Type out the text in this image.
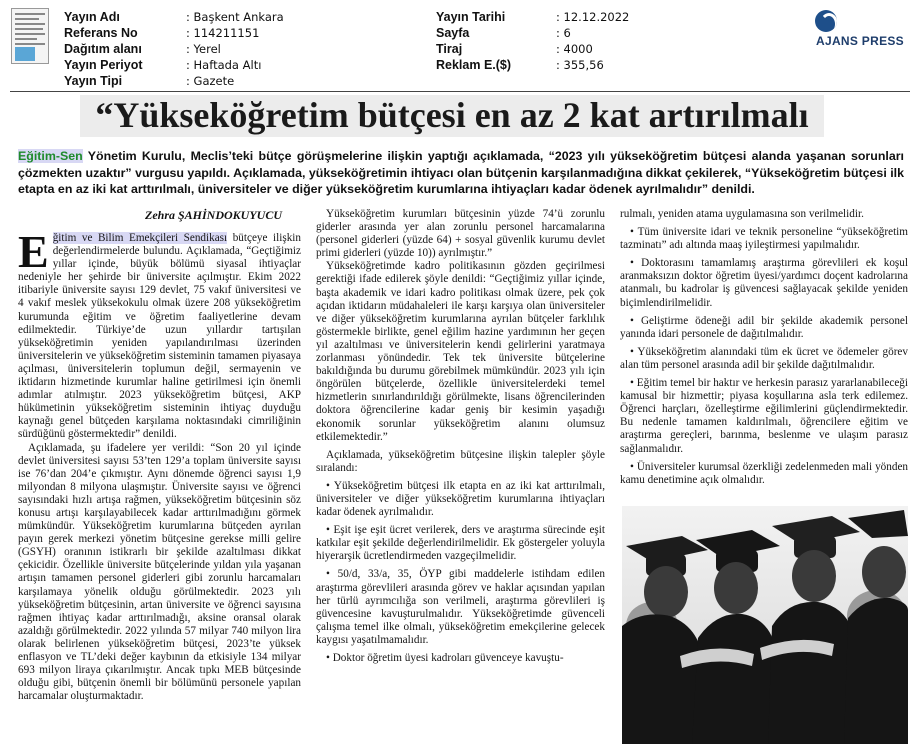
Yayın Adı	: Başkent Ankara
Referans No	: 114211151
Dağıtım alanı	: Yerel
Yayın Periyot	: Haftada Altı
Yayın Tipi	: Gazete
Yayın Tarihi	: 12.12.2022
Sayfa	: 6
Tiraj	: 4000
Reklam E.($)	: 355,56
AJANS PRESS
“Yükseköğretim bütçesi en az 2 kat artırılmalı
Eğitim-Sen Yönetim Kurulu, Meclis’teki bütçe görüşmelerine ilişkin yaptığı açıklamada, “2023 yılı yükseköğretim bütçesi alanda yaşanan sorunları çözmekten uzaktır” vurgusu yapıldı. Açıklamada, yükseköğretimin ihtiyacı olan bütçenin karşılanmadığına dikkat çekilerek, “Yükseköğretim bütçesi ilk etapta en az iki kat arttırılmalı, üniversiteler ve diğer yükseköğretim kurumlarına ihtiyaçları kadar ödenek ayrılmalıdır” denildi.
Zehra ŞAHİNDOKUYUCU
E ğitim ve Bilim Emekçileri Sendikası bütçeye ilişkin değerlendirmelerde bulundu. Açıklamada, “Geçtiğimiz yıllar içinde, büyük bölümü siyasal ihtiyaçlar nedeniyle her şehirde bir üniversite açılmıştır. Ekim 2022 itibariyle üniversite sayısı 129 devlet, 75 vakıf üniversitesi ve 4 vakıf meslek yüksekokulu olmak üzere 208 yükseköğretim kurumunda eğitim ve öğretim faaliyetlerine devam edilmektedir. Türkiye’de uzun yıllardır tartışılan yükseköğretimin yeniden yapılandırılması üzerinden üniversitelerin ve yükseköğretim sisteminin tamamen piyasaya açılması, üniversitelerin toplumun değil, sermayenin ve iktidarın hizmetinde kurumlar haline getirilmesi için önemli adımlar atılmıştır. 2023 yükseköğretim bütçesi, AKP hükümetinin yükseköğretim sisteminin ihtiyaç duyduğu kaynağı genel bütçeden karşılama noktasındaki cimriliğinin sürdüğünü göstermektedir” denildi.

Açıklamada, şu ifadelere yer verildi: “Son 20 yıl içinde devlet üniversitesi sayısı 53’ten 129’a toplam üniversite sayısı ise 76’dan 204’e çıkmıştır. Aynı dönemde öğrenci sayısı 1,9 milyondan 8 milyona ulaşmıştır. Üniversite sayısı ve öğrenci sayısındaki hızlı artışa rağmen, yükseköğretim bütçesinin söz konusu artışı karşılayabilecek kadar arttırılmadığını görmek mümkündür. Yükseköğretim kurumlarına bütçeden ayrılan payın gerek merkezi yönetim bütçesine gerekse milli gelire (GSYH) oranının istikrarlı bir şekilde azaltılması dikkat çekicidir. Özellikle üniversite bütçelerinde yıldan yıla yaşanan artışın tamamen personel giderleri gibi zorunlu harcamaları karşılamaya yönelik olduğu görülmektedir. 2023 yılı yükseköğretim bütçesinin, artan üniversite ve öğrenci sayısına rağmen ihtiyaç kadar arttırılmadığı, aksine oransal olarak azaldığı görülmektedir. 2022 yılında 57 milyar 740 milyon lira olarak belirlenen yükseköğretim bütçesi, 2023’te yüksek enflasyon ve TL’deki değer kaybının da etkisiyle 134 milyar 693 milyon liraya çıkarılmıştır. Ancak tıpkı MEB bütçesinde olduğu gibi, bütçenin önemli bir bölümünü personele yapılan harcamalar oluşturmaktadır.

Yükseköğretim kurumları bütçesinin yüzde 74’ü zorunlu giderler arasında yer alan zorunlu personel harcamalarına (personel giderleri (yüzde 64) + sosyal güvenlik kurumu devlet primi giderleri (yüzde 10)) ayrılmıştır.”

Yükseköğretimde kadro politikasının gözden geçirilmesi gerektiği ifade edilerek şöyle denildi: “Geçtiğimiz yıllar içinde, başta akademik ve idari kadro politikası olmak üzere, pek çok açıdan iktidarın müdahaleleri ile karşı karşıya olan üniversiteler ve diğer yükseköğretim kurumlarına ayrılan bütçeler farklılık göstermekle birlikte, genel eğilim hazine yardımının her geçen yıl azaltılması ve üniversitelerin kendi gelirlerini yaratmaya zorlanması yönündedir. Tek tek üniversite bütçelerine bakıldığında bu durumu görebilmek mümkündür. 2023 yılı için öngörülen bütçelerde, özellikle üniversitelerdeki temel hizmetlerin sınırlandırıldığı görülmekte, lisans öğrencilerinden doktora öğrencilerine kadar geniş bir kesimin yaşadığı ekonomik sorunlar yükseköğretim alanını olumsuz etkilemektedir.”

Açıklamada, yükseköğretim bütçesine ilişkin talepler şöyle sıralandı:

• Yükseköğretim bütçesi ilk etapta en az iki kat arttırılmalı, üniversiteler ve diğer yükseköğretim kurumlarına ihtiyaçları kadar ödenek ayrılmalıdır.

• Eşit işe eşit ücret verilerek, ders ve araştırma sürecinde eşit katkılar eşit şekilde değerlendirilmelidir. Ek göstergeler yoluyla hiyerarşik ücretlendirmeden vazgeçilmelidir.

• 50/d, 33/a, 35, ÖYP gibi maddelerle istihdam edilen araştırma görevlileri arasında görev ve haklar açısından yapılan her türlü ayrımcılığa son verilmeli, araştırma görevlileri iş güvencesine kavuşturulmalıdır. Yükseköğretimde güvenceli çalışma temel ilke olmalı, yükseköğretim emekçilerine gelecek kaygısı yaşatılmamalıdır.

• Doktor öğretim üyesi kadroları güvenceye kavuştu-

rulmalı, yeniden atama uygulamasına son verilmelidir.

• Tüm üniversite idari ve teknik personeline “yükseköğretim tazminatı” adı altında maaş iyileştirmesi yapılmalıdır.

• Doktorasını tamamlamış araştırma görevlileri ek koşul aranmaksızın doktor öğretim üyesi/yardımcı doçent kadrolarına atanmalı, bu kadrolar iş güvencesi sağlayacak şekilde yeniden biçimlendirilmelidir.

• Geliştirme ödeneği adil bir şekilde akademik personel yanında idari personele de dağıtılmalıdır.

• Yükseköğretim alanındaki tüm ek ücret ve ödemeler görev alan tüm personel arasında adil bir şekilde dağıtılmalıdır.

• Eğitim temel bir haktır ve herkesin parasız yararlanabileceği kamusal bir hizmettir; piyasa koşullarına asla terk edilemez. Öğrenci harçları, özelleştirme eğilimlerini güçlendirmektedir. Bu nedenle tamamen kaldırılmalı, öğrencilere eğitim ve araştırma gereçleri, barınma, beslenme ve ulaşım parasız sağlanmalıdır.

• Üniversiteler kurumsal özerkliği zedelenmeden mali yönden kamu denetimine açık olmalıdır.
